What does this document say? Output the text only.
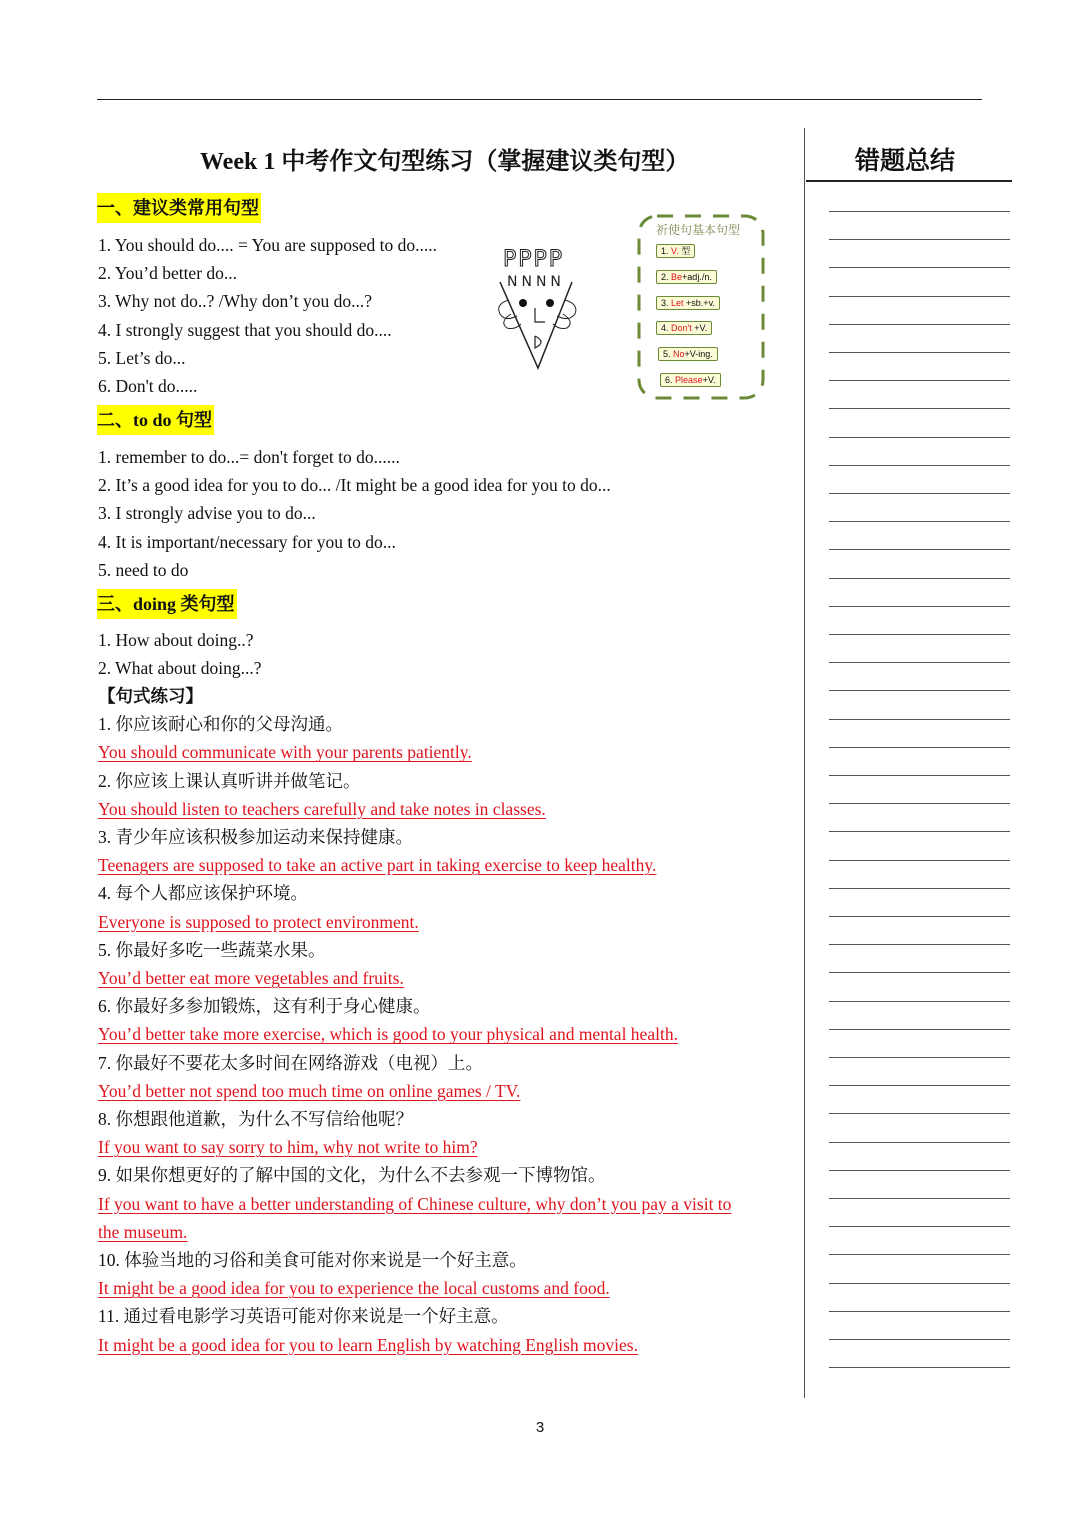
Week 1 中考作文句型练习（掌握建议类句型）	错题总结
一、建议类常用句型
1. You should do.... = You are supposed to do.....
2. You’d better do...
3. Why not do..? /Why don’t you do...?
4. I strongly suggest that you should do....
5. Let’s do...
6. Don't do.....
二、to do 句型
1. remember to do...= don't forget to do......
2. It’s a good idea for you to do... /It might be a good idea for you to do...
3. I strongly advise you to do...
4. It is important/necessary for you to do...
5. need to do
三、doing 类句型
1. How about doing..?
2. What about doing...?
【句式练习】
1. 你应该耐心和你的父母沟通。
You should communicate with your parents patiently.
2. 你应该上课认真听讲并做笔记。
You should listen to teachers carefully and take notes in classes.
3. 青少年应该积极参加运动来保持健康。
Teenagers are supposed to take an active part in taking exercise to keep healthy.
4. 每个人都应该保护环境。
Everyone is supposed to protect environment.
5. 你最好多吃一些蔬菜水果。
You’d better eat more vegetables and fruits.
6. 你最好多参加锻炼，这有利于身心健康。
You’d better take more exercise, which is good to your physical and mental health.
7. 你最好不要花太多时间在网络游戏（电视）上。
You’d better not spend too much time on online games / TV.
8. 你想跟他道歉，为什么不写信给他呢？
If you want to say sorry to him, why not write to him?
9. 如果你想更好的了解中国的文化，为什么不去参观一下博物馆。
If you want to have a better understanding of Chinese culture, why don’t you pay a visit to
the museum.
10. 体验当地的习俗和美食可能对你来说是一个好主意。
It might be a good idea for you to experience the local customs and food.
11. 通过看电影学习英语可能对你来说是一个好主意。
It might be a good idea for you to learn English by watching English movies.
PPPP
NNNN
祈使句基本句型
1. V. 型
2. Be+adj./n.
3. Let +sb.+v.
4. Don't +V.
5. No+V-ing.
6. Please+V.
3
